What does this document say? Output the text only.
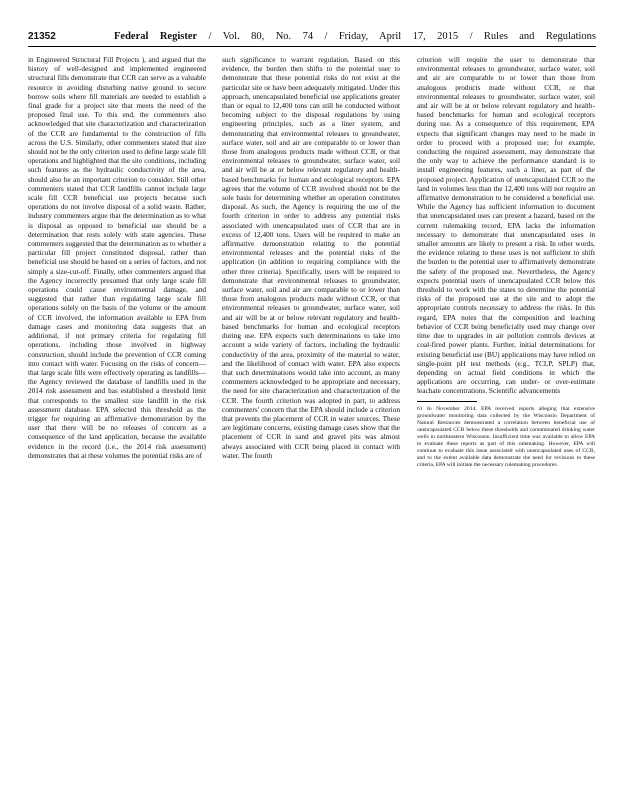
21352	Federal Register / Vol. 80, No. 74 / Friday, April 17, 2015 / Rules and Regulations

in Engineered Structural Fill Projects ), and argued that the history of well-designed and implemented engineered structural fills demonstrate that CCR can serve as a valuable resource in avoiding disturbing native ground to secure borrow soils where fill materials are needed to establish a final grade for a project site that meets the need of the proposed final use. To this end, the commenters also acknowledged that site characterization and characterization of the CCR are fundamental to the construction of fills across the U.S. Similarly, other commenters stated that size should not be the only criterion used to define large scale fill operations and highlighted that the site conditions, including such features as the hydraulic conductivity of the area, should also be an important criterion to consider. Still other commenters stated that CCR landfills cannot include large scale fill CCR beneficial use projects because such operations do not involve disposal of a solid waste. Rather, industry commenters argue that the determination as to what is disposal as opposed to beneficial use should be a determination that rests solely with state agencies. These commenters suggested that the determination as to whether a particular fill project constituted disposal, rather than beneficial use should be based on a series of factors, and not simply a size-cut-off. Finally, other commenters argued that the Agency incorrectly presumed that only large scale fill operations could cause environmental damage, and suggested that rather than regulating large scale fill operations solely on the basis of the volume or the amount of CCR involved, the information available to EPA from damage cases and monitoring data suggests that an additional, if not primary criteria for regulating fill operations, including those involved in highway construction, should include the prevention of CCR coming into contact with water. Focusing on the risks of concern—that large scale fills were effectively operating as landfills—the Agency reviewed the database of landfills used in the 2014 risk assessment and has established a threshold limit that corresponds to the smallest size landfill in the risk assessment database. EPA selected this threshold as the trigger for requiring an affirmative demonstration by the user that there will be no releases of concern as a consequence of the land application, because the available evidence in the record (i.e., the 2014 risk assessment) demonstrates that at these volumes the potential risks are of

such significance to warrant regulation. Based on this evidence, the burden then shifts to the potential user to demonstrate that these potential risks do not exist at the particular site or have been adequately mitigated. Under this approach, unencapsulated beneficial use applications greater than or equal to 12,400 tons can still be conducted without becoming subject to the disposal regulations by using engineering principles, such as a liner system, and demonstrating that environmental releases to groundwater, surface water, soil and air are comparable to or lower than those from analogous products made without CCR, or that environmental releases to groundwater, surface water, soil and air will be at or below relevant regulatory and health-based benchmarks for human and ecological receptors. EPA agrees that the volume of CCR involved should not be the sole basis for determining whether an operation constitutes disposal. As such, the Agency is requiring the use of the fourth criterion in order to address any potential risks associated with unencapsulated uses of CCR that are in excess of 12,400 tons. Users will be required to make an affirmative demonstration relating to the potential environmental releases and the potential risks of the application (in addition to requiring compliance with the other three criteria). Specifically, users will be required to demonstrate that environmental releases to groundwater, surface water, soil and air are comparable to or lower than those from analogous products made without CCR, or that environmental releases to groundwater, surface water, soil and air will be at or below relevant regulatory and health-based benchmarks for human and ecological receptors during use. EPA expects such determinations to take into account a wide variety of factors, including the hydraulic conductivity of the area, proximity of the material to water, and the likelihood of contact with water. EPA also expects that such determinations would take into account, as many commenters acknowledged to be appropriate and necessary, the need for site characterization and characterization of the CCR. The fourth criterion was adopted in part, to address commenters' concern that the EPA should include a criterion that prevents the placement of CCR in water sources. These are legitimate concerns, existing damage cases show that the placement of CCR in sand and gravel pits was almost always associated with CCR being placed in contact with water. The fourth

criterion will require the user to demonstrate that environmental releases to groundwater, surface water, soil and air are comparable to or lower than those from analogous products made without CCR, or that environmental releases to groundwater, surface water, soil and air will be at or below relevant regulatory and health-based benchmarks for human and ecological receptors during use. As a consequence of this requirement, EPA expects that significant changes may need to be made in order to proceed with a proposed use; for example, conducting the required assessment, may demonstrate that the only way to achieve the performance standard is to install engineering features, such a liner, as part of the proposed project. Application of unencapsulated CCR to the land in volumes less than the 12,400 tons will not require an affirmative demonstration to be considered a beneficial use. While the Agency has sufficient information to document that unencapsulated uses can present a hazard, based on the current rulemaking record, EPA lacks the information necessary to demonstrate that unencapsulated uses in smaller amounts are likely to present a risk. In other words, the evidence relating to these uses is not sufficient to shift the burden to the potential user to affirmatively demonstrate the safety of the proposed use. Nevertheless, the Agency expects potential users of unencapsulated CCR below this threshold to work with the states to determine the potential risks of the proposed use at the site and to adopt the appropriate controls necessary to address the risks. In this regard, EPA notes that the composition and leaching behavior of CCR being beneficially used may change over time due to upgrades in air pollution controls devices at coal-fired power plants. Further, initial determinations for existing beneficial use (BU) applications may have relied on single-point pH test methods (e.g., TCLP, SPLP) that, depending on actual field conditions in which the applications are occurring, can under- or over-estimate leachate concentrations. Scientific advancements

61 In November 2014, EPA received reports alleging that extensive groundwater monitoring data collected by the Wisconsin Department of Natural Resources demonstrated a correlation between beneficial use of unencapsulated CCR below these thresholds and contaminated drinking water wells in northeastern Wisconsin. Insufficient time was available to allow EPA to evaluate these reports as part of this rulemaking. However, EPA will continue to evaluate this issue associated with unencapsulated uses of CCR, and to the extent available data demonstrate the need for revisions to these criteria, EPA will initiate the necessary rulemaking procedures.
